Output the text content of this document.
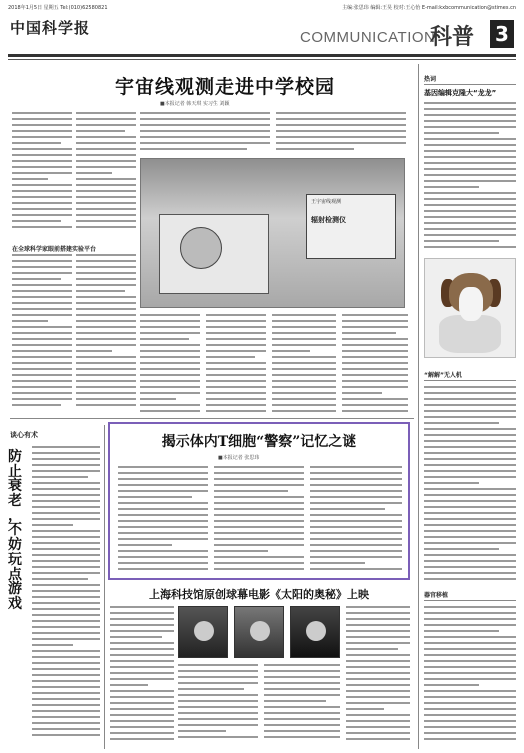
2018年1月5日 星期五 Tel:(010)62580821	主编:张思玮 编辑:王昊 校对:王心怡 E-mail:kxbcommunication@stimes.cn
中国科学报
COMMUNICATION
科普 3
宇宙线观测走进中学校园
■本报记者 韩天琪 实习生 刘颖
王宇宙线观测
辐射检测仪
在全球科学家眼前搭建实验平台
谈心有术
防止衰老，不妨玩点游戏
揭示体内T细胞“警察”记忆之谜
■本报记者 张思玮
上海科技馆原创球幕电影《太阳的奥秘》上映
热词
基因编辑克隆大“龙龙”
“解解”无人机
器官移植
